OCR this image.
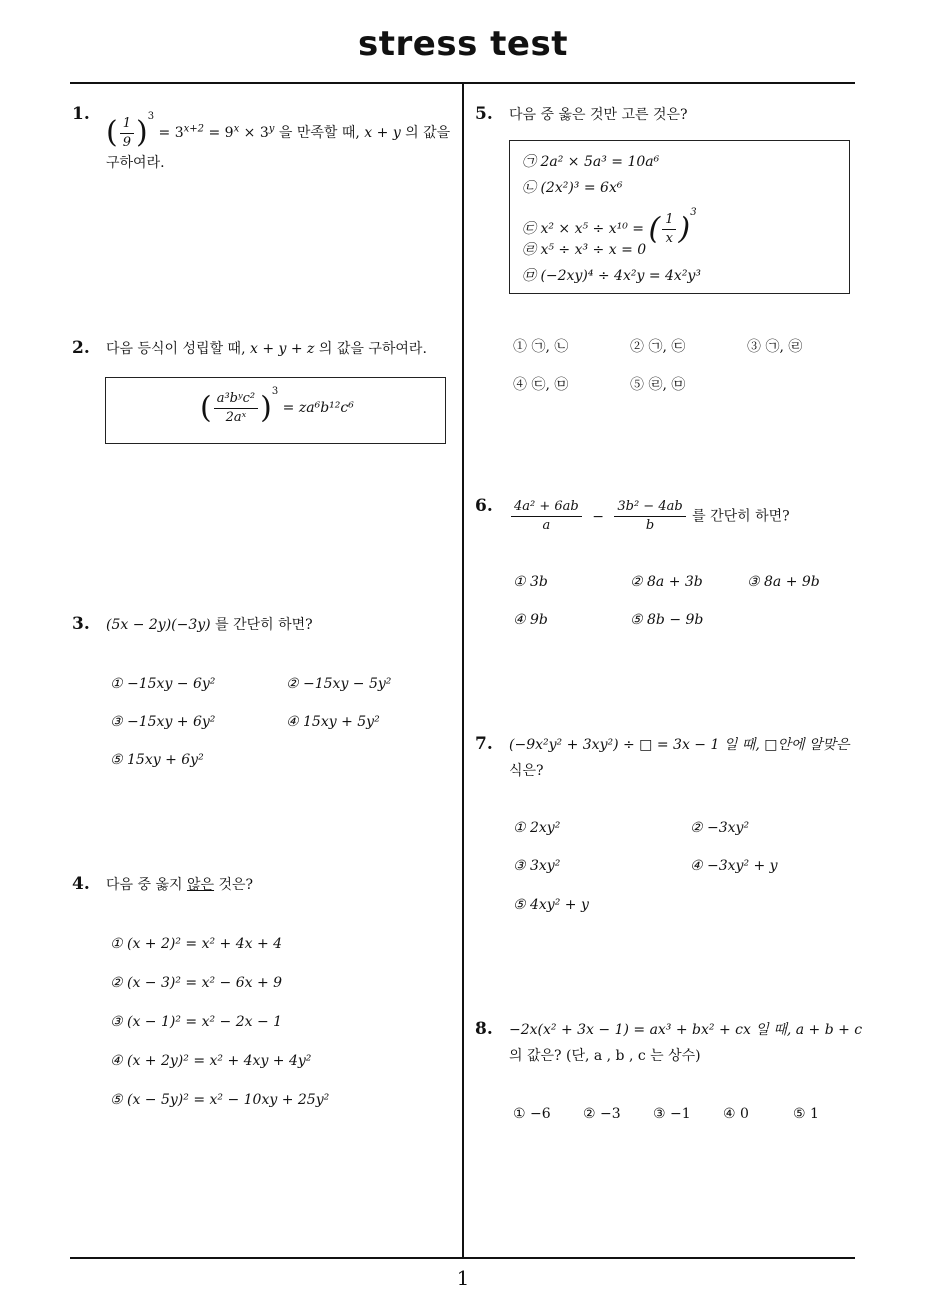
stress test
1
1.
( $\frac{1}{9} )^3 = 3^{x+2} = 9^x \times 3^y$ 을 만족할 때, x + y 의 값을
구하여라.
2. 다음 등식이 성립할 때, x + y + z 의 값을 구하여라.
( $\frac{\text{a³bʸc²}}{\text{2aˣ}} )^3 = za^6b^{12}c^6$
3. (5x − 2y)(−3y) 를 간단히 하면?
① −15xy − 6y²	② −15xy − 5y²
③ −15xy + 6y²	④ 15xy + 5y²
⑤ 15xy + 6y²
4. 다음 중 옳지 않은 것은?
① (x + 2)² = x² + 4x + 4
② (x − 3)² = x² − 6x + 9
③ (x − 1)² = x² − 2x − 1
④ (x + 2y)² = x² + 4xy + 4y²
⑤ (x − 5y)² = x² − 10xy + 25y²
5. 다음 중 옳은 것만 고른 것은?
㉠ 2a² × 5a³ = 10a⁶
㉡ (2x²)³ = 6x⁶
㉢ x² × x⁵ ÷ x¹⁰ = ( $\frac{1}{x} )^3$
㉣ x⁵ ÷ x³ ÷ x = 0
㉤ (−2xy)⁴ ÷ 4x²y = 4x²y³
① ㉠, ㉡	② ㉠, ㉢	③ ㉠, ㉣
④ ㉢, ㉤	⑤ ㉣, ㉤
6. $\frac{\text{4a² + 6ab}}{a} - \frac{\text{3b² − 4ab}}{b}$ 를 간단히 하면?
① 3b	② 8a + 3b	③ 8a + 9b
④ 9b	⑤ 8b − 9b
7. (−9x²y² + 3xy²) ÷ □ = 3x − 1 일 때, □안에 알맞은
식은?
① 2xy²	② −3xy²
③ 3xy²	④ −3xy² + y
⑤ 4xy² + y
8. −2x(x² + 3x − 1) = ax³ + bx² + cx 일 때, a + b + c
의 값은? (단, a , b , c 는 상수)
① −6 ② −3 ③ −1 ④ 0	⑤ 1
